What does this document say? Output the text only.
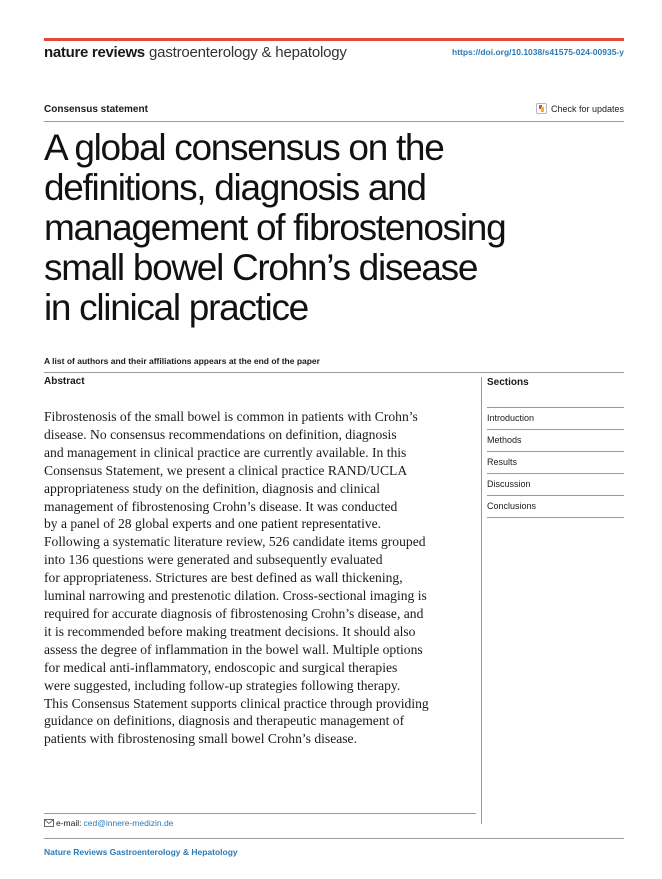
nature reviews gastroenterology & hepatology	https://doi.org/10.1038/s41575-024-00935-y
Consensus statement	Check for updates
A global consensus on the
definitions, diagnosis and
management of fibrostenosing
small bowel Crohn’s disease
in clinical practice
A list of authors and their affiliations appears at the end of the paper
Abstract

Fibrostenosis of the small bowel is common in patients with Crohn’s
disease. No consensus recommendations on definition, diagnosis
and management in clinical practice are currently available. In this
Consensus Statement, we present a clinical practice RAND/UCLA
appropriateness study on the definition, diagnosis and clinical
management of fibrostenosing Crohn’s disease. It was conducted
by a panel of 28 global experts and one patient representative.
Following a systematic literature review, 526 candidate items grouped
into 136 questions were generated and subsequently evaluated
for appropriateness. Strictures are best defined as wall thickening,
luminal narrowing and prestenotic dilation. Cross-sectional imaging is
required for accurate diagnosis of fibrostenosing Crohn’s disease, and
it is recommended before making treatment decisions. It should also
assess the degree of inflammation in the bowel wall. Multiple options
for medical anti-inflammatory, endoscopic and surgical therapies
were suggested, including follow-up strategies following therapy.
This Consensus Statement supports clinical practice through providing
guidance on definitions, diagnosis and therapeutic management of
patients with fibrostenosing small bowel Crohn’s disease.

Sections
Introduction
Methods
Results
Discussion
Conclusions
e-mail: ced@innere-medizin.de
Nature Reviews Gastroenterology & Hepatology
